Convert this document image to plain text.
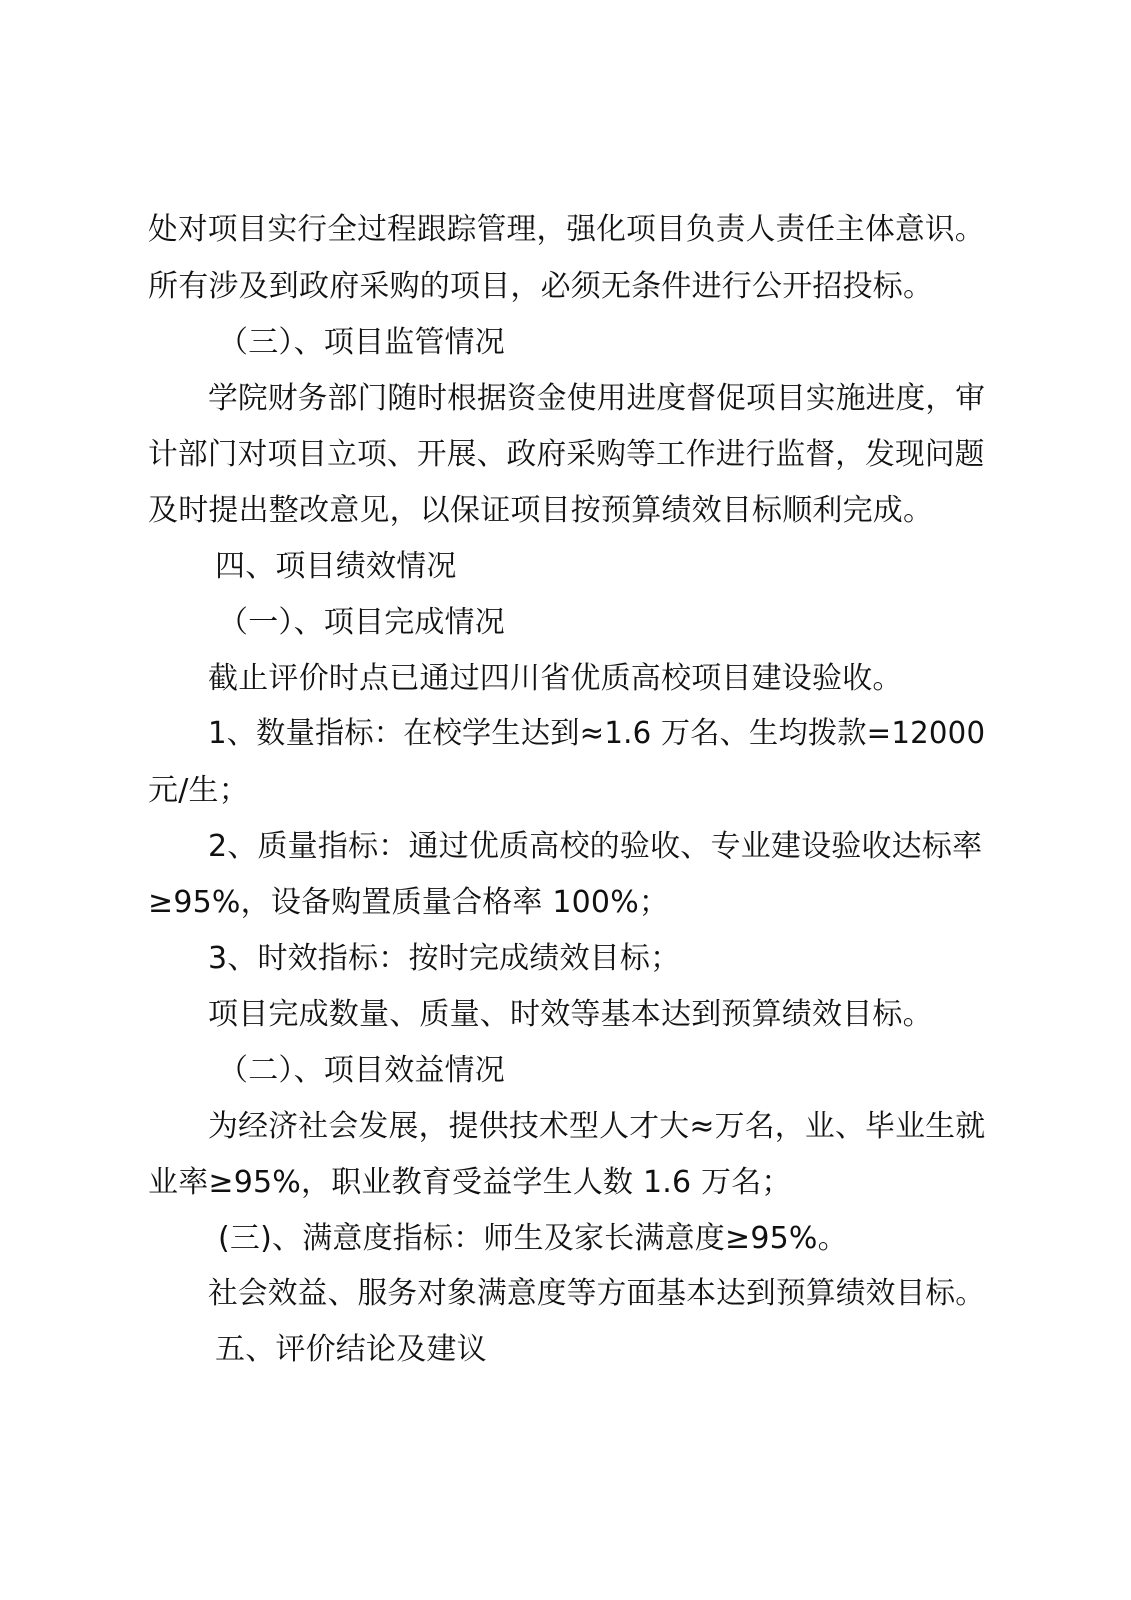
处对项目实行全过程跟踪管理，强化项目负责人责任主体意识。
所有涉及到政府采购的项目，必须无条件进行公开招投标。
（三）、项目监管情况
学院财务部门随时根据资金使用进度督促项目实施进度，审
计部门对项目立项、开展、政府采购等工作进行监督，发现问题
及时提出整改意见，以保证项目按预算绩效目标顺利完成。
四、项目绩效情况
（一）、项目完成情况
截止评价时点已通过四川省优质高校项目建设验收。
1、数量指标：在校学生达到≈1.6 万名、生均拨款=12000
元/生；
2、质量指标：通过优质高校的验收、专业建设验收达标率
≥95%，设备购置质量合格率 100%；
3、时效指标：按时完成绩效目标；
项目完成数量、质量、时效等基本达到预算绩效目标。
（二）、项目效益情况
为经济社会发展，提供技术型人才大≈万名，业、毕业生就
业率≥95%，职业教育受益学生人数 1.6 万名；
(三)、满意度指标：师生及家长满意度≥95%。
社会效益、服务对象满意度等方面基本达到预算绩效目标。
五、评价结论及建议
